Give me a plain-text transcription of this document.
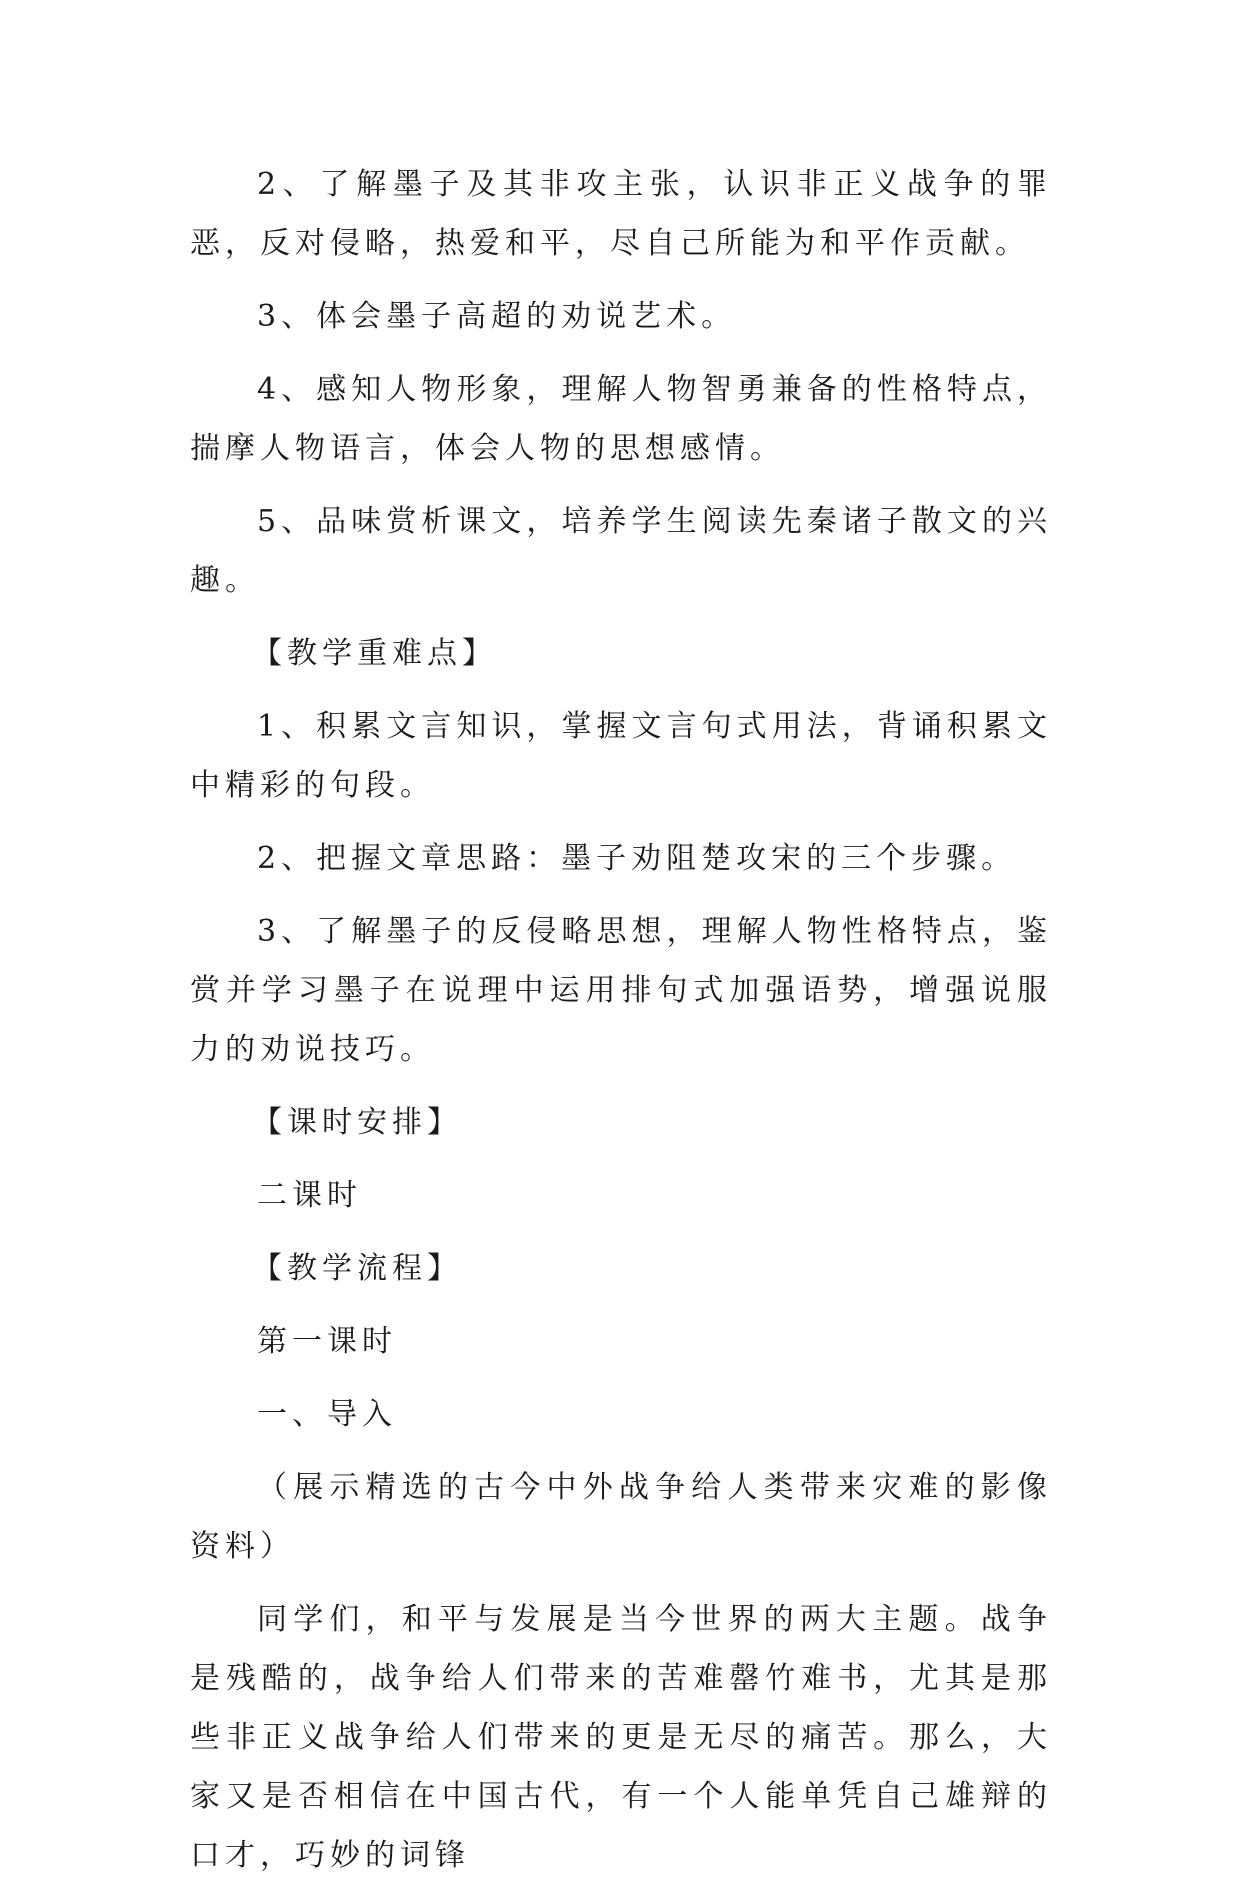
2、了解墨子及其非攻主张，认识非正义战争的罪恶，反对侵略，热爱和平，尽自己所能为和平作贡献。

3、体会墨子高超的劝说艺术。

4、感知人物形象，理解人物智勇兼备的性格特点，揣摩人物语言，体会人物的思想感情。

5、品味赏析课文，培养学生阅读先秦诸子散文的兴趣。

【教学重难点】

1、积累文言知识，掌握文言句式用法，背诵积累文中精彩的句段。

2、把握文章思路：墨子劝阻楚攻宋的三个步骤。

3、了解墨子的反侵略思想，理解人物性格特点，鉴赏并学习墨子在说理中运用排句式加强语势，增强说服力的劝说技巧。

【课时安排】

二课时

【教学流程】

第一课时

一、导入

（展示精选的古今中外战争给人类带来灾难的影像资料）

同学们，和平与发展是当今世界的两大主题。战争是残酷的，战争给人们带来的苦难罄竹难书，尤其是那些非正义战争给人们带来的更是无尽的痛苦。那么，大家又是否相信在中国古代，有一个人能单凭自己雄辩的口才，巧妙的词锋
